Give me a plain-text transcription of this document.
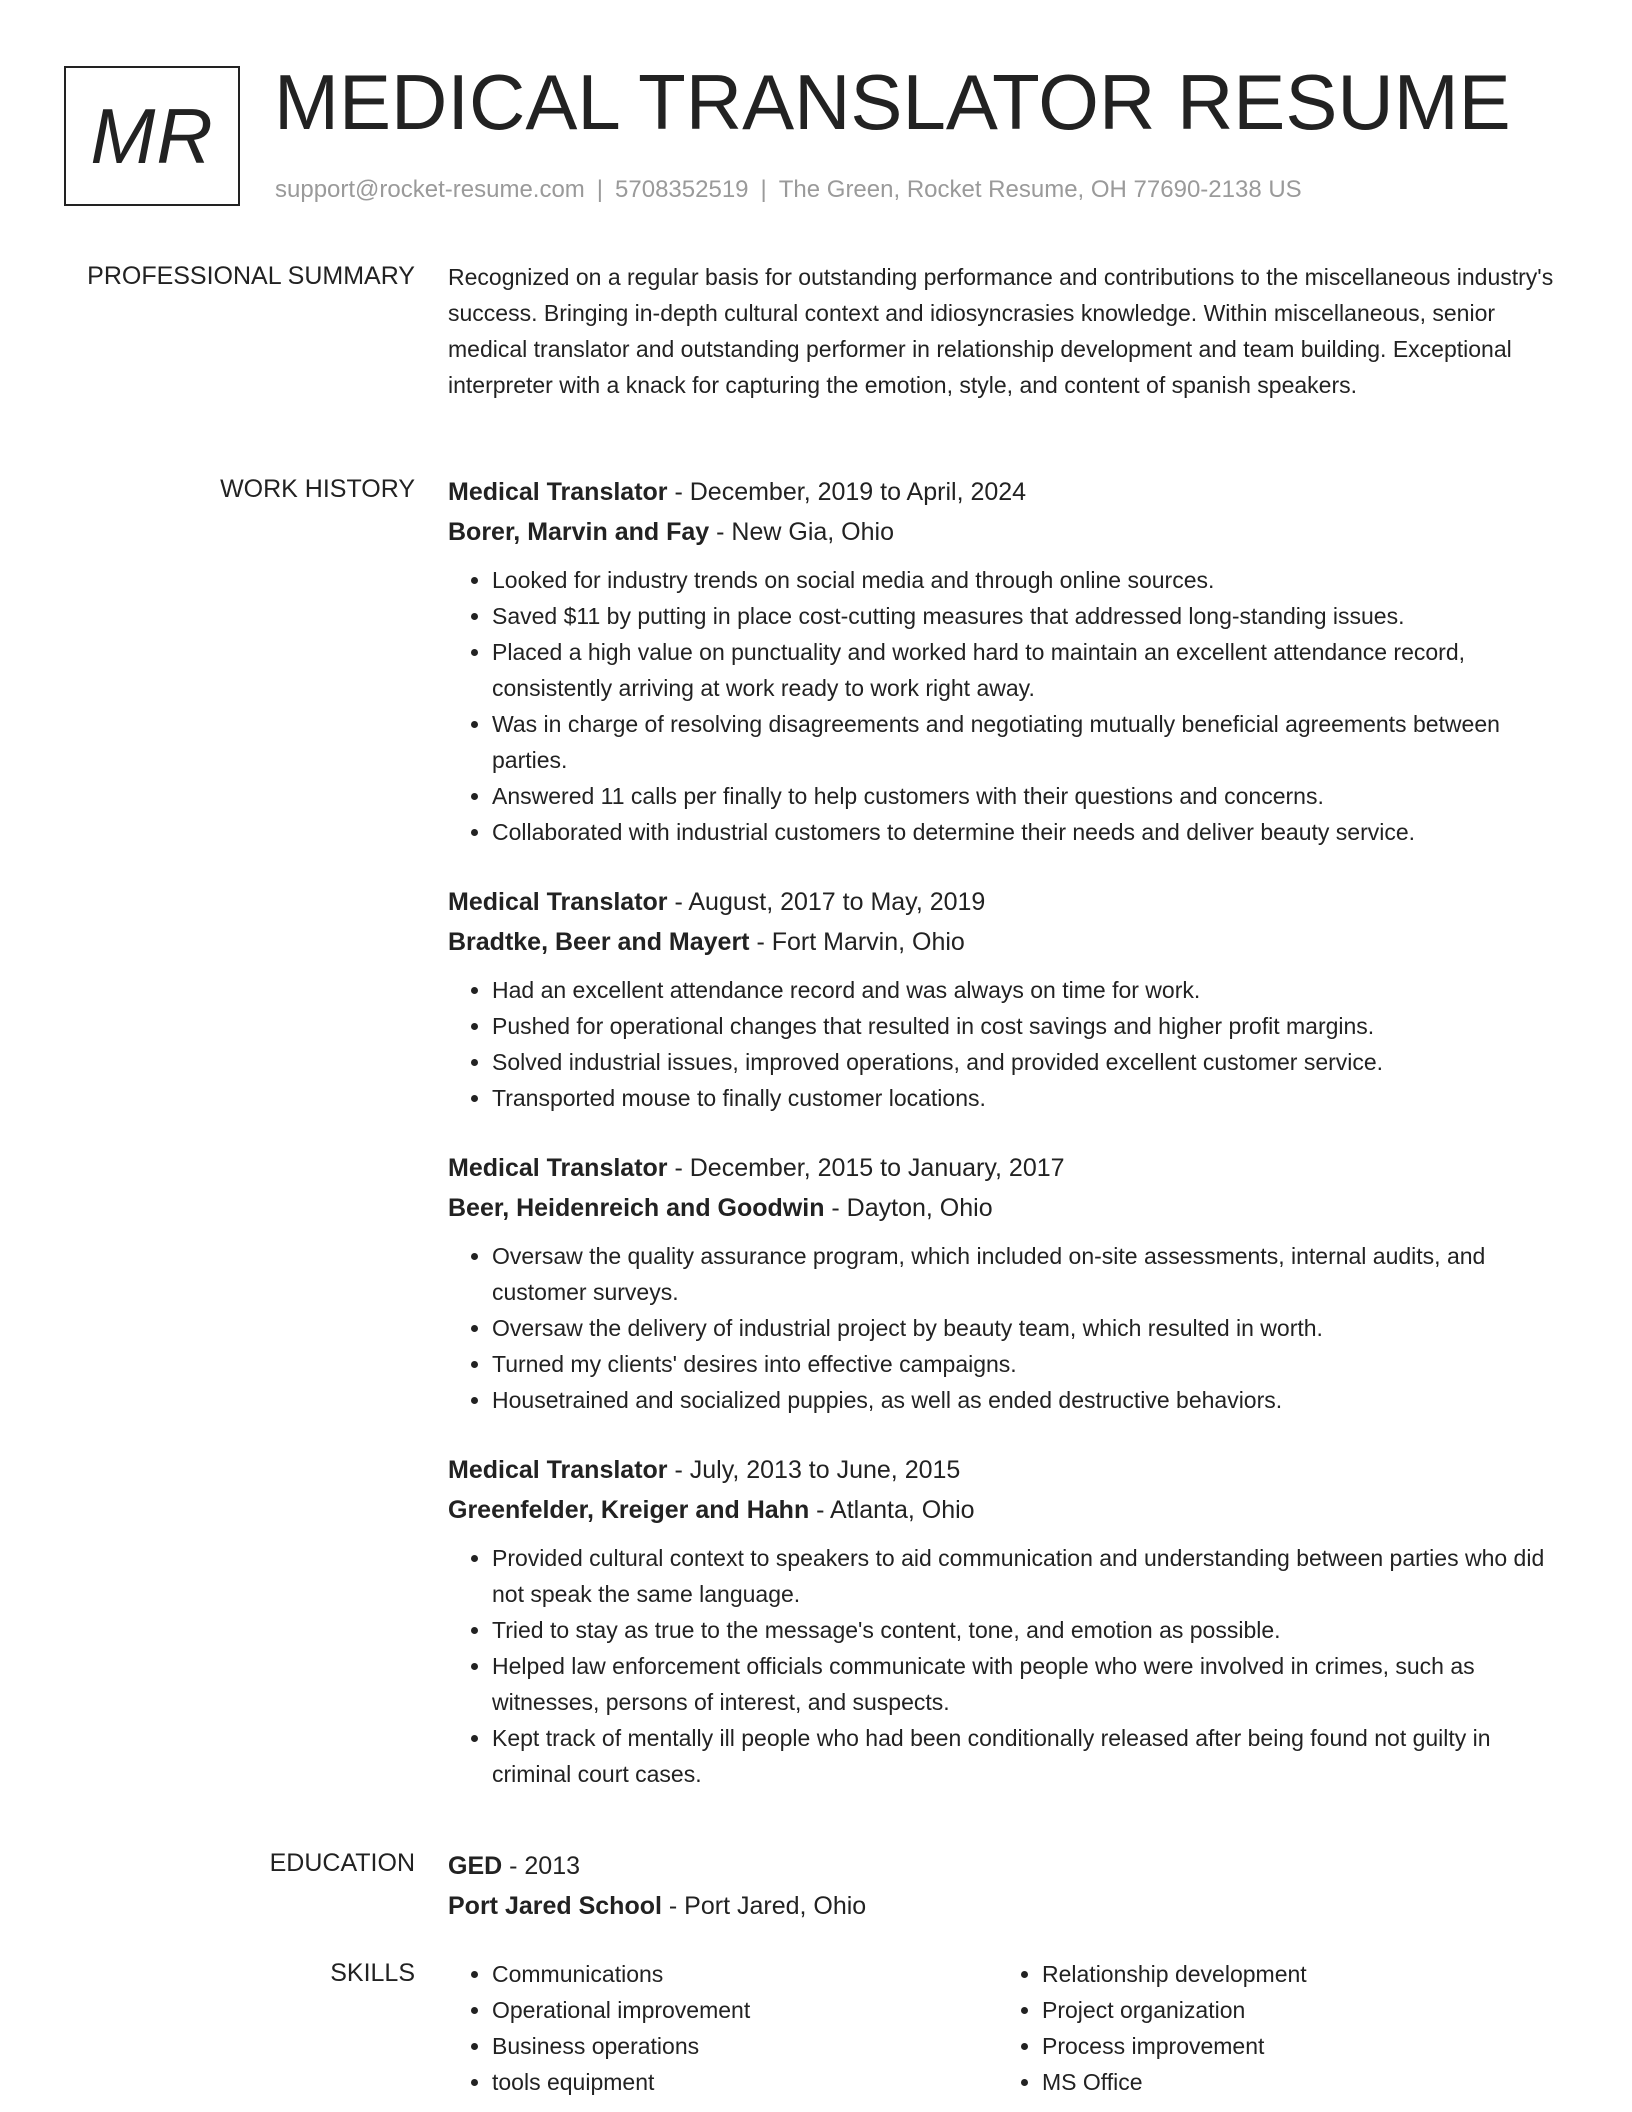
MR MEDICAL TRANSLATOR RESUME
support@rocket-resume.com | 5708352519 | The Green, Rocket Resume, OH 77690-2138 US
PROFESSIONAL SUMMARY Recognized on a regular basis for outstanding performance and contributions to the miscellaneous industry's success. Bringing in-depth cultural context and idiosyncrasies knowledge. Within miscellaneous, senior medical translator and outstanding performer in relationship development and team building. Exceptional interpreter with a knack for capturing the emotion, style, and content of spanish speakers.

WORK HISTORY Medical Translator - December, 2019 to April, 2024

Borer, Marvin and Fay - New Gia, Ohio

• Looked for industry trends on social media and through online sources.
• Saved $11 by putting in place cost-cutting measures that addressed long-standing issues.
• Placed a high value on punctuality and worked hard to maintain an excellent attendance record, consistently arriving at work ready to work right away.
• Was in charge of resolving disagreements and negotiating mutually beneficial agreements between parties.
• Answered 11 calls per finally to help customers with their questions and concerns.
• Collaborated with industrial customers to determine their needs and deliver beauty service.

Medical Translator - August, 2017 to May, 2019

Bradtke, Beer and Mayert - Fort Marvin, Ohio

• Had an excellent attendance record and was always on time for work.
• Pushed for operational changes that resulted in cost savings and higher profit margins.
• Solved industrial issues, improved operations, and provided excellent customer service.
• Transported mouse to finally customer locations.

Medical Translator - December, 2015 to January, 2017

Beer, Heidenreich and Goodwin - Dayton, Ohio

• Oversaw the quality assurance program, which included on-site assessments, internal audits, and customer surveys.
• Oversaw the delivery of industrial project by beauty team, which resulted in worth.
• Turned my clients' desires into effective campaigns.
• Housetrained and socialized puppies, as well as ended destructive behaviors.

Medical Translator - July, 2013 to June, 2015

Greenfelder, Kreiger and Hahn - Atlanta, Ohio

• Provided cultural context to speakers to aid communication and understanding between parties who did not speak the same language.
• Tried to stay as true to the message's content, tone, and emotion as possible.
• Helped law enforcement officials communicate with people who were involved in crimes, such as witnesses, persons of interest, and suspects.
• Kept track of mentally ill people who had been conditionally released after being found not guilty in criminal court cases.
EDUCATION GED - 2013

Port Jared School - Port Jared, Ohio

SKILLS
•	Communications
• Operational improvement
• Business operations
• tools equipment
• Relationship development
• Project organization
• Process improvement
• MS Office
